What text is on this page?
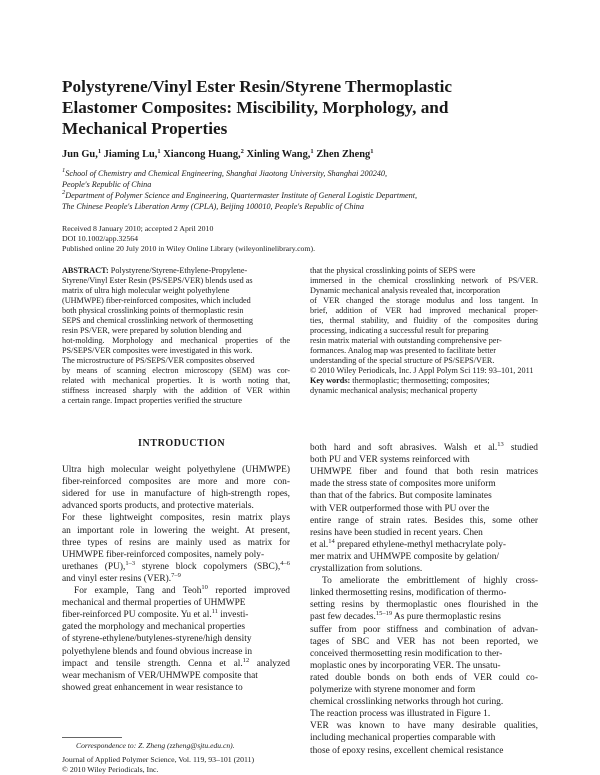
Polystyrene/Vinyl Ester Resin/Styrene Thermoplastic
Elastomer Composites: Miscibility, Morphology, and
Mechanical Properties
Jun Gu,$^1$ Jiaming Lu,$^1$ Xiancong Huang,$^2$ Xinling Wang,$^1$ Zhen Zheng$^1$
$^1$School of Chemistry and Chemical Engineering, Shanghai Jiaotong University, Shanghai 200240,
People's Republic of China
$^2$Department of Polymer Science and Engineering, Quartermaster Institute of General Logistic Department,
The Chinese People's Liberation Army (CPLA), Beijing 100010, People's Republic of China
Received 8 January 2010; accepted 2 April 2010
DOI 10.1002/app.32564
Published online 20 July 2010 in Wiley Online Library (wileyonlinelibrary.com).
ABSTRACT: Polystyrene/Styrene-Ethylene-Propylene-
Styrene/Vinyl Ester Resin (PS/SEPS/VER) blends used as
matrix of ultra high molecular weight polyethylene
(UHMWPE) fiber-reinforced composites, which included
both physical crosslinking points of thermoplastic resin
SEPS and chemical crosslinking network of thermosetting
resin PS/VER, were prepared by solution blending and
hot-molding. Morphology and mechanical properties of the
PS/SEPS/VER composites were investigated in this work.
The microstructure of PS/SEPS/VER composites observed
by means of scanning electron microscopy (SEM) was cor-
related with mechanical properties. It is worth noting that,
stiffness increased sharply with the addition of VER within
a certain range. Impact properties verified the structure
that the physical crosslinking points of SEPS were
immersed in the chemical crosslinking network of PS/VER.
Dynamic mechanical analysis revealed that, incorporation
of VER changed the storage modulus and loss tangent. In
brief, addition of VER had improved mechanical proper-
ties, thermal stability, and fluidity of the composites during
processing, indicating a successful result for preparing
resin matrix material with outstanding comprehensive per-
formances. Analog map was presented to facilitate better
understanding of the special structure of PS/SEPS/VER.
© 2010 Wiley Periodicals, Inc. J Appl Polym Sci 119: 93–101, 2011
Key words: thermoplastic; thermosetting; composites;
dynamic mechanical analysis; mechanical property
INTRODUCTION
Ultra high molecular weight polyethylene (UHMWPE)
fiber-reinforced composites are more and more con-
sidered for use in manufacture of high-strength ropes,
advanced sports products, and protective materials.
For these lightweight composites, resin matrix plays
an important role in lowering the weight. At present,
three types of resins are mainly used as matrix for
UHMWPE fiber-reinforced composites, namely poly-
urethanes (PU),$^{1-3}$ styrene block copolymers (SBC),$^{4-6}$
and vinyl ester resins (VER).$^{7-9}$
For example, Tang and Teoh$^{10}$ reported improved
mechanical and thermal properties of UHMWPE
fiber-reinforced PU composite. Yu et al.$^{11}$ investi-
gated the morphology and mechanical properties
of styrene-ethylene/butylenes-styrene/high density
polyethylene blends and found obvious increase in
impact and tensile strength. Cenna et al.$^{12}$ analyzed
wear mechanism of VER/UHMWPE composite that
showed great enhancement in wear resistance to
both hard and soft abrasives. Walsh et al.$^{13}$ studied
both PU and VER systems reinforced with
UHMWPE fiber and found that both resin matrices
made the stress state of composites more uniform
than that of the fabrics. But composite laminates
with VER outperformed those with PU over the
entire range of strain rates. Besides this, some other
resins have been studied in recent years. Chen
et al.$^{14}$ prepared ethylene-methyl methacrylate poly-
mer matrix and UHMWPE composite by gelation/
crystallization from solutions.
To ameliorate the embrittlement of highly cross-
linked thermosetting resins, modification of thermo-
setting resins by thermoplastic ones flourished in the
past few decades.$^{15-19}$ As pure thermoplastic resins
suffer from poor stiffness and combination of advan-
tages of SBC and VER has not been reported, we
conceived thermosetting resin modification to ther-
moplastic ones by incorporating VER. The unsatu-
rated double bonds on both ends of VER could co-
polymerize with styrene monomer and form
chemical crosslinking networks through hot curing.
The reaction process was illustrated in Figure 1.
VER was known to have many desirable qualities,
including mechanical properties comparable with
those of epoxy resins, excellent chemical resistance
Correspondence to: Z. Zheng (zzheng@sjtu.edu.cn).
Journal of Applied Polymer Science, Vol. 119, 93–101 (2011)
© 2010 Wiley Periodicals, Inc.
